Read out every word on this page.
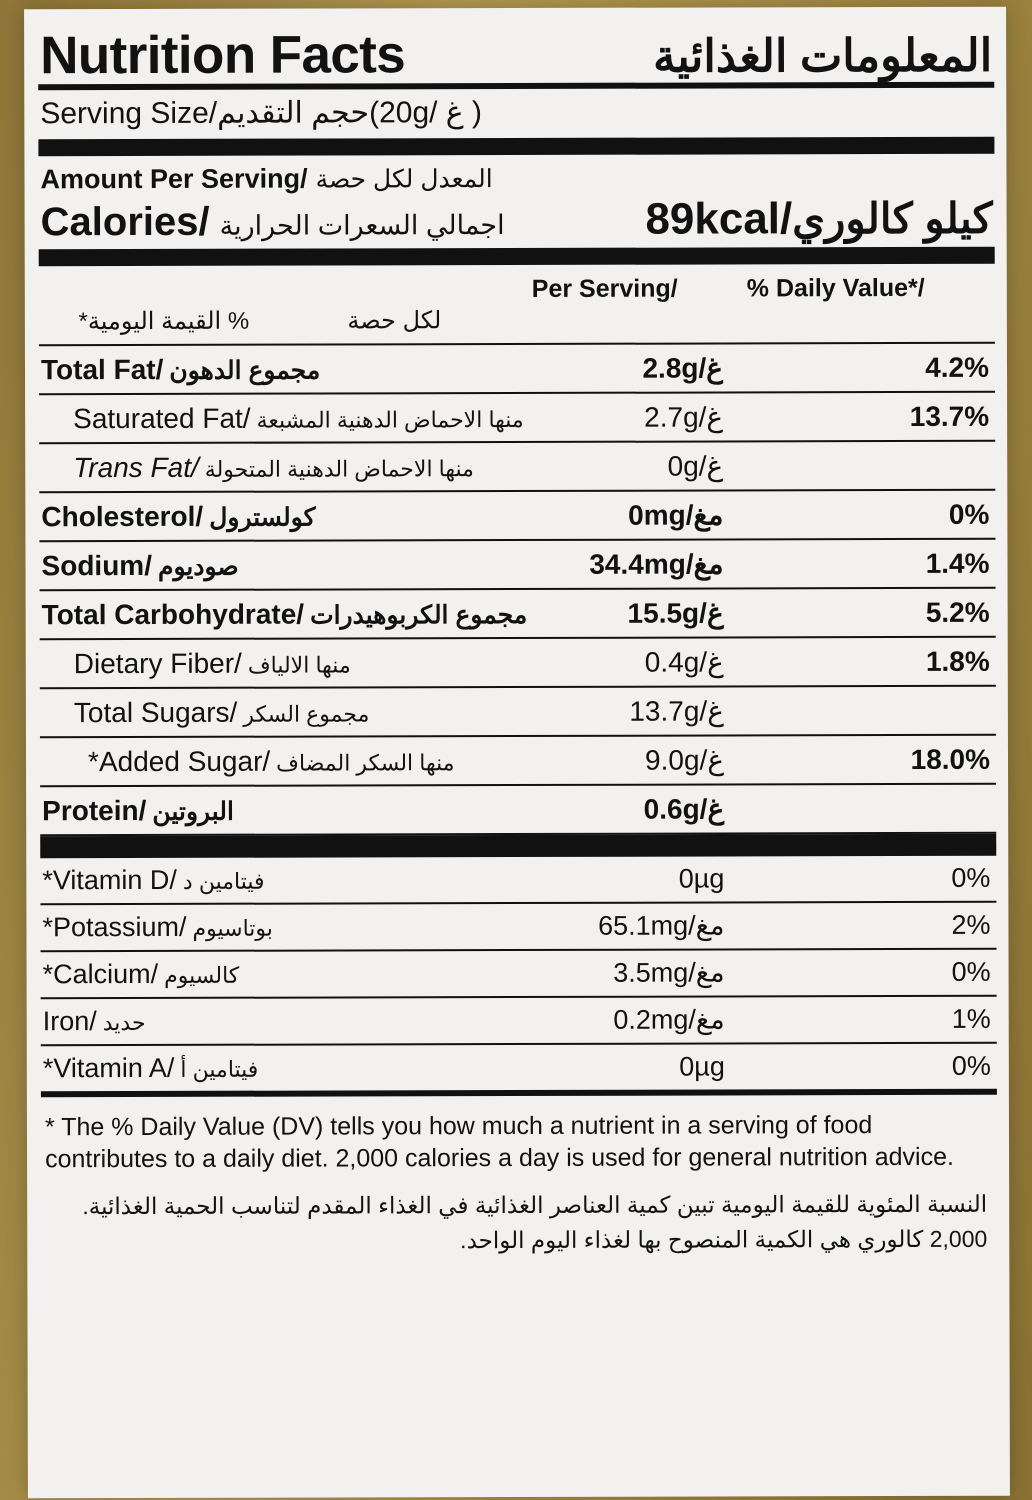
Nutrition Facts	المعلومات الغذائية
Serving Size/ حجم التقديم (20g/ غ )
Amount Per Serving/ المعدل لكل حصة
Calories/ اجمالي السعرات الحرارية	89kcal/ كيلو كالوري
Per Serving/	% Daily Value*/
لكل حصة
% القيمة اليومية*
Total Fat/ مجموع الدهون	2.8g/غ	4.2%
Saturated Fat/ منها الاحماض الدهنية المشبعة	2.7g/غ	13.7%
Trans Fat/ منها الاحماض الدهنية المتحولة	0g/غ
Cholesterol/ كولسترول	0mg/مغ	0%
Sodium/ صوديوم	34.4mg/مغ	1.4%
Total Carbohydrate/ مجموع الكربوهيدرات	15.5g/غ	5.2%
Dietary Fiber/ منها الالياف	0.4g/غ	1.8%
Total Sugars/ مجموع السكر	13.7g/غ
*Added Sugar/ منها السكر المضاف	9.0g/غ	18.0%
Protein/ البروتين	0.6g/غ
*Vitamin D/ فيتامين د	0µg	0%
*Potassium/ بوتاسيوم	65.1mg/مغ	2%
*Calcium/ كالسيوم	3.5mg/مغ	0%
Iron/ حديد	0.2mg/مغ	1%
*Vitamin A/ فيتامين أ	0µg	0%
* The % Daily Value (DV) tells you how much a nutrient in a serving of food contributes to a daily diet. 2,000 calories a day is used for general nutrition advice.
النسبة المئوية للقيمة اليومية تبين كمية العناصر الغذائية في الغذاء المقدم لتناسب الحمية الغذائية. 2,000 كالوري هي الكمية المنصوح بها لغذاء اليوم الواحد.
